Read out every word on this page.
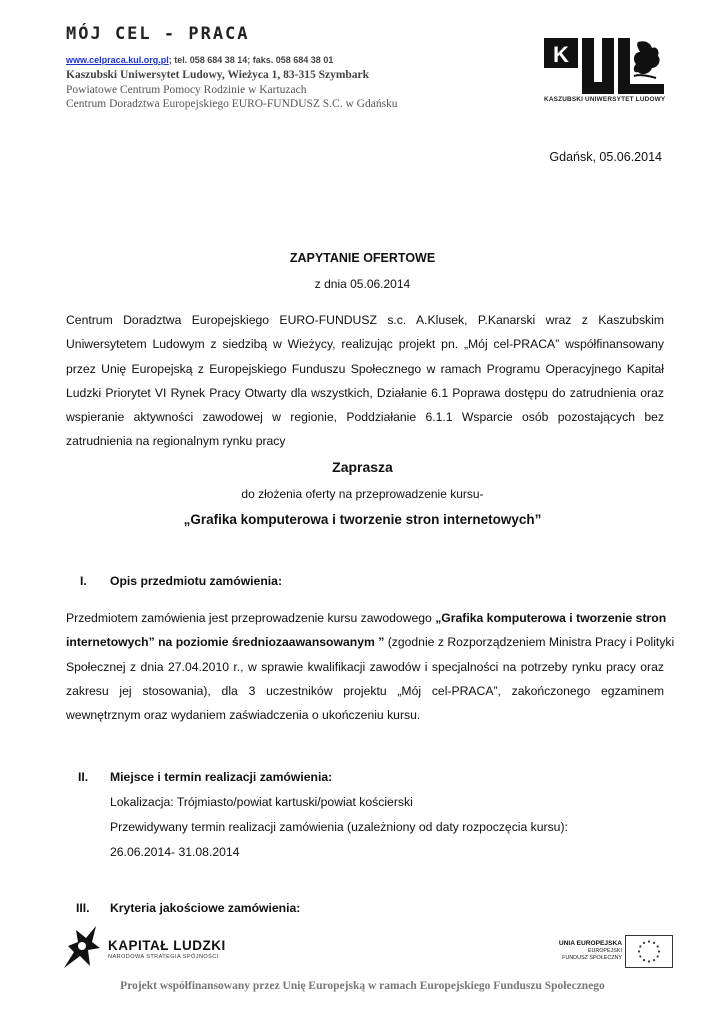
MÓJ CEL - PRACA
www.celpraca.kul.org.pl; tel. 058 684 38 14; faks. 058 684 38 01
Kaszubski Uniwersytet Ludowy, Wieżyca 1, 83-315 Szymbark
Powiatowe Centrum Pomocy Rodzinie w Kartuzach
Centrum Doradztwa Europejskiego EURO-FUNDUSZ S.C. w Gdańsku
K
KASZUBSKI UNIWERSYTET LUDOWY
Gdańsk, 05.06.2014
ZAPYTANIE OFERTOWE
z dnia 05.06.2014
Centrum Doradztwa Europejskiego EURO-FUNDUSZ s.c. A.Klusek, P.Kanarski wraz z Kaszubskim
Uniwersytetem Ludowym z siedzibą w Wieżycy, realizując projekt pn. „Mój cel-PRACA” współfinansowany
przez Unię Europejską z Europejskiego Funduszu Społecznego w ramach Programu Operacyjnego Kapitał
Ludzki Priorytet VI Rynek Pracy Otwarty dla wszystkich, Działanie 6.1 Poprawa dostępu do zatrudnienia oraz
wspieranie aktywności zawodowej w regionie, Poddziałanie 6.1.1 Wsparcie osób pozostających bez
zatrudnienia na regionalnym rynku pracy
Zaprasza
do złożenia oferty na przeprowadzenie kursu-
„Grafika komputerowa i tworzenie stron internetowych”
I. Opis przedmiotu zamówienia:
Przedmiotem zamówienia jest przeprowadzenie kursu zawodowego „Grafika komputerowa i tworzenie stron
internetowych” na poziomie średniozaawansowanym ” (zgodnie z Rozporządzeniem Ministra Pracy i Polityki
Społecznej z dnia 27.04.2010 r., w sprawie kwalifikacji zawodów i specjalności na potrzeby rynku pracy oraz
zakresu jej stosowania), dla 3 uczestników projektu „Mój cel-PRACA”, zakończonego egzaminem
wewnętrznym oraz wydaniem zaświadczenia o ukończeniu kursu.
II. Miejsce i termin realizacji zamówienia:
Lokalizacja: Trójmiasto/powiat kartuski/powiat kościerski
Przewidywany termin realizacji zamówienia (uzależniony od daty rozpoczęcia kursu):
26.06.2014- 31.08.2014
III. Kryteria jakościowe zamówienia:
KAPITAŁ LUDZKI
NARODOWA STRATEGIA SPÓJNOŚCI
UNIA EUROPEJSKA
EUROPEJSKI
FUNDUSZ SPOŁECZNY
Projekt współfinansowany przez Unię Europejską w ramach Europejskiego Funduszu Społecznego
